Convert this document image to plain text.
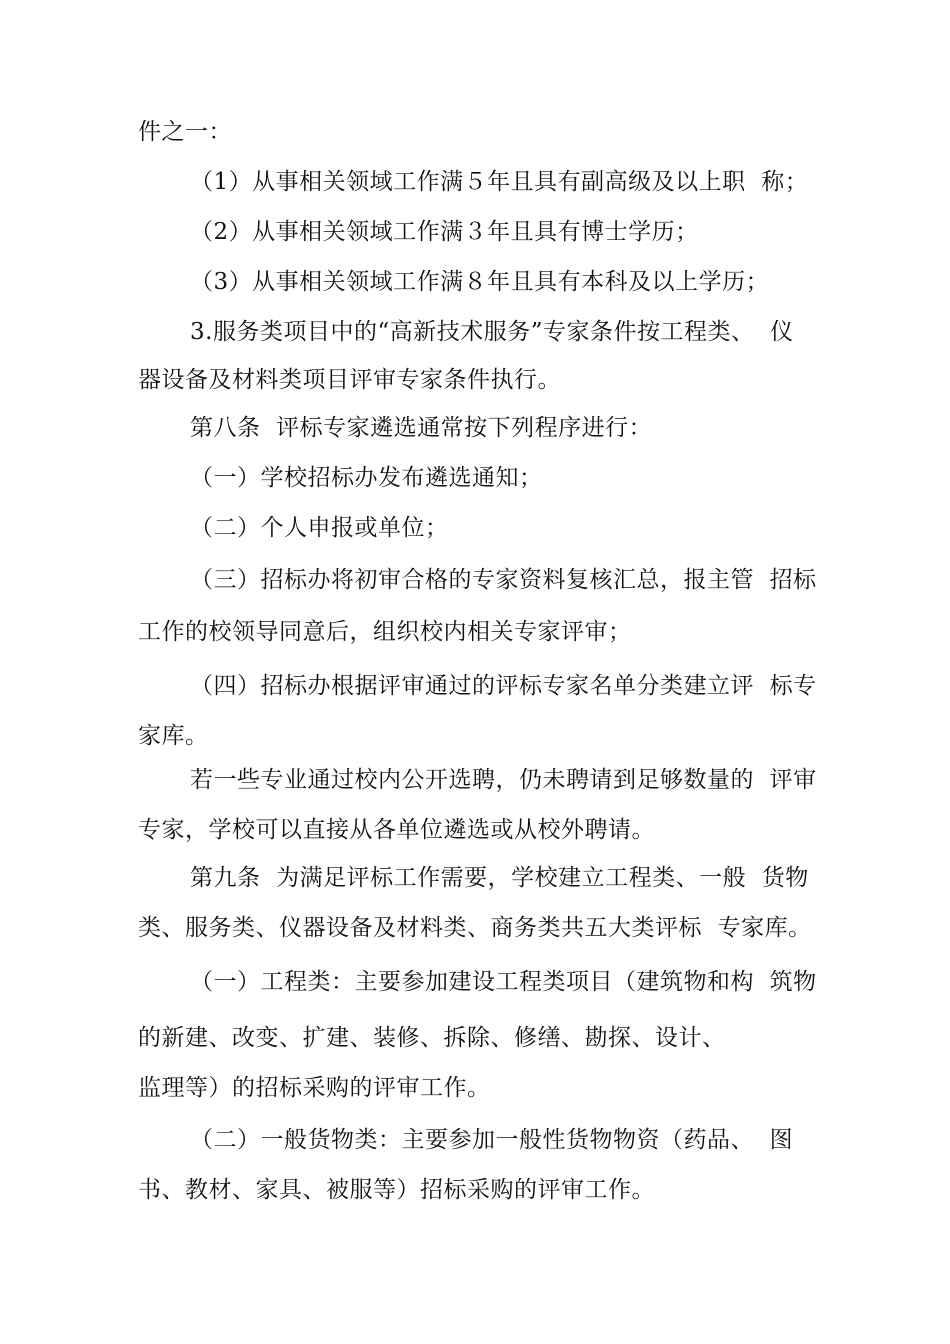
件之一：
（1）从事相关领域工作满５年且具有副高级及以上职  称；
（2）从事相关领域工作满３年且具有博士学历；
（3）从事相关领域工作满８年且具有本科及以上学历；
3.服务类项目中的“高新技术服务”专家条件按工程类、  仪
器设备及材料类项目评审专家条件执行。
第八条  评标专家遴选通常按下列程序进行：
（一）学校招标办发布遴选通知；
（二）个人申报或单位；
（三）招标办将初审合格的专家资料复核汇总，报主管  招标
工作的校领导同意后，组织校内相关专家评审；
（四）招标办根据评审通过的评标专家名单分类建立评  标专
家库。
若一些专业通过校内公开选聘，仍未聘请到足够数量的  评审
专家，学校可以直接从各单位遴选或从校外聘请。
第九条  为满足评标工作需要，学校建立工程类、一般  货物
类、服务类、仪器设备及材料类、商务类共五大类评标  专家库。
（一）工程类：主要参加建设工程类项目（建筑物和构  筑物
的新建、改变、扩建、装修、拆除、修缮、勘探、设计、
监理等）的招标采购的评审工作。
（二）一般货物类：主要参加一般性货物物资（药品、  图
书、教材、家具、被服等）招标采购的评审工作。
